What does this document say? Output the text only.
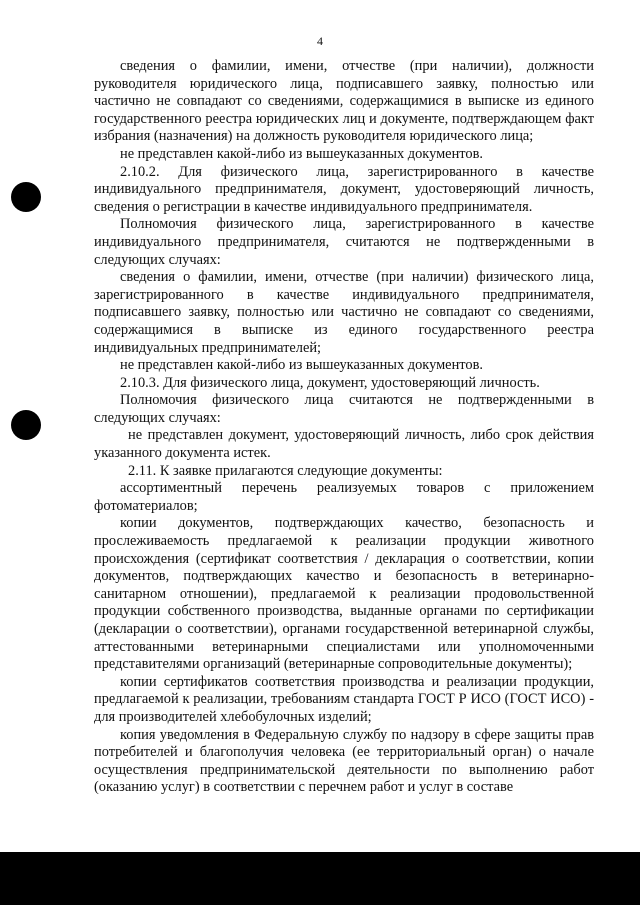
4

сведения о фамилии, имени, отчестве (при наличии), должности руководителя юридического лица, подписавшего заявку, полностью или частично не совпадают со сведениями, содержащимися в выписке из единого государственного реестра юридических лиц и документе, подтверждающем факт избрания (назначения) на должность руководителя юридического лица;

не представлен какой-либо из вышеуказанных документов.

2.10.2. Для физического лица, зарегистрированного в качестве индивидуального предпринимателя, документ, удостоверяющий личность, сведения о регистрации в качестве индивидуального предпринимателя.

Полномочия физического лица, зарегистрированного в качестве индивидуального предпринимателя, считаются не подтвержденными в следующих случаях:

сведения о фамилии, имени, отчестве (при наличии) физического лица, зарегистрированного в качестве индивидуального предпринимателя, подписавшего заявку, полностью или частично не совпадают со сведениями, содержащимися в выписке из единого государственного реестра индивидуальных предпринимателей;

не представлен какой-либо из вышеуказанных документов.

2.10.3. Для физического лица, документ, удостоверяющий личность.

Полномочия физического лица считаются не подтвержденными в следующих случаях:

не представлен документ, удостоверяющий личность, либо срок действия указанного документа истек.

2.11. К заявке прилагаются следующие документы:

ассортиментный перечень реализуемых товаров с приложением фотоматериалов;

копии документов, подтверждающих качество, безопасность и прослеживаемость предлагаемой к реализации продукции животного происхождения (сертификат соответствия / декларация о соответствии, копии документов, подтверждающих качество и безопасность в ветеринарно-санитарном отношении), предлагаемой к реализации продовольственной продукции собственного производства, выданные органами по сертификации (декларации о соответствии), органами государственной ветеринарной службы, аттестованными ветеринарными специалистами или уполномоченными представителями организаций (ветеринарные сопроводительные документы);

копии сертификатов соответствия производства и реализации продукции, предлагаемой к реализации, требованиям стандарта ГОСТ Р ИСО (ГОСТ ИСО) - для производителей хлебобулочных изделий;

копия уведомления в Федеральную службу по надзору в сфере защиты прав потребителей и благополучия человека (ее территориальный орган) о начале осуществления предпринимательской деятельности по выполнению работ (оказанию услуг) в соответствии с перечнем работ и услуг в составе
